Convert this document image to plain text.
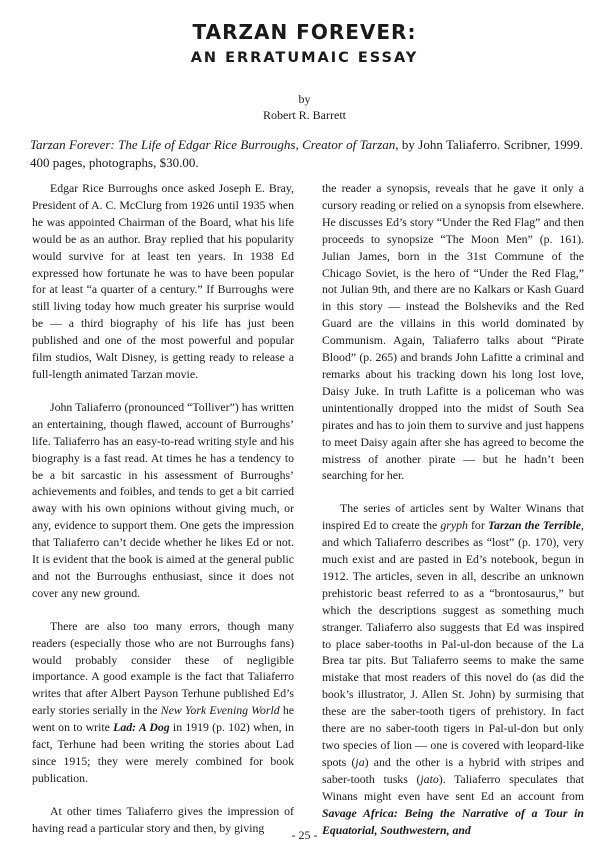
TARZAN FOREVER:
AN ERRATUMAIC ESSAY
by
Robert R. Barrett

Tarzan Forever: The Life of Edgar Rice Burroughs, Creator of Tarzan, by John Taliaferro. Scribner, 1999. 400 pages, photographs, $30.00.

Edgar Rice Burroughs once asked Joseph E. Bray, President of A. C. McClurg from 1926 until 1935 when he was appointed Chairman of the Board, what his life would be as an author. Bray replied that his popularity would survive for at least ten years. In 1938 Ed expressed how fortunate he was to have been popular for at least “a quarter of a century.” If Burroughs were still living today how much greater his surprise would be — a third biography of his life has just been published and one of the most powerful and popular film studios, Walt Disney, is getting ready to release a full-length animated Tarzan movie.

John Taliaferro (pronounced “Tolliver”) has written an entertaining, though flawed, account of Burroughs’ life. Taliaferro has an easy-to-read writing style and his biography is a fast read. At times he has a tendency to be a bit sarcastic in his assessment of Burroughs’ achievements and foibles, and tends to get a bit carried away with his own opinions without giving much, or any, evidence to support them. One gets the impression that Taliaferro can’t decide whether he likes Ed or not. It is evident that the book is aimed at the general public and not the Burroughs enthusiast, since it does not cover any new ground.

There are also too many errors, though many readers (especially those who are not Burroughs fans) would probably consider these of negligible importance. A good example is the fact that Taliaferro writes that after Albert Payson Terhune published Ed’s early stories serially in the New York Evening World he went on to write Lad: A Dog in 1919 (p. 102) when, in fact, Terhune had been writing the stories about Lad since 1915; they were merely combined for book publication.

At other times Taliaferro gives the impression of having read a particular story and then, by giving

the reader a synopsis, reveals that he gave it only a cursory reading or relied on a synopsis from elsewhere. He discusses Ed’s story “Under the Red Flag” and then proceeds to synopsize “The Moon Men” (p. 161). Julian James, born in the 31st Commune of the Chicago Soviet, is the hero of “Under the Red Flag,” not Julian 9th, and there are no Kalkars or Kash Guard in this story — instead the Bolsheviks and the Red Guard are the villains in this world dominated by Communism. Again, Taliaferro talks about “Pirate Blood” (p. 265) and brands John Lafitte a criminal and remarks about his tracking down his long lost love, Daisy Juke. In truth Lafitte is a policeman who was unintentionally dropped into the midst of South Sea pirates and has to join them to survive and just happens to meet Daisy again after she has agreed to become the mistress of another pirate — but he hadn’t been searching for her.

The series of articles sent by Walter Winans that inspired Ed to create the gryph for Tarzan the Terrible, and which Taliaferro describes as “lost” (p. 170), very much exist and are pasted in Ed’s notebook, begun in 1912. The articles, seven in all, describe an unknown prehistoric beast referred to as a “brontosaurus,” but which the descriptions suggest as something much stranger. Taliaferro also suggests that Ed was inspired to place saber-tooths in Pal-ul-don because of the La Brea tar pits. But Taliaferro seems to make the same mistake that most readers of this novel do (as did the book’s illustrator, J. Allen St. John) by surmising that these are the saber-tooth tigers of prehistory. In fact there are no saber-tooth tigers in Pal-ul-don but only two species of lion — one is covered with leopard-like spots (ja) and the other is a hybrid with stripes and saber-tooth tusks (jato). Taliaferro speculates that Winans might even have sent Ed an account from Savage Africa: Being the Narrative of a Tour in Equatorial, Southwestern, and

- 25 -
